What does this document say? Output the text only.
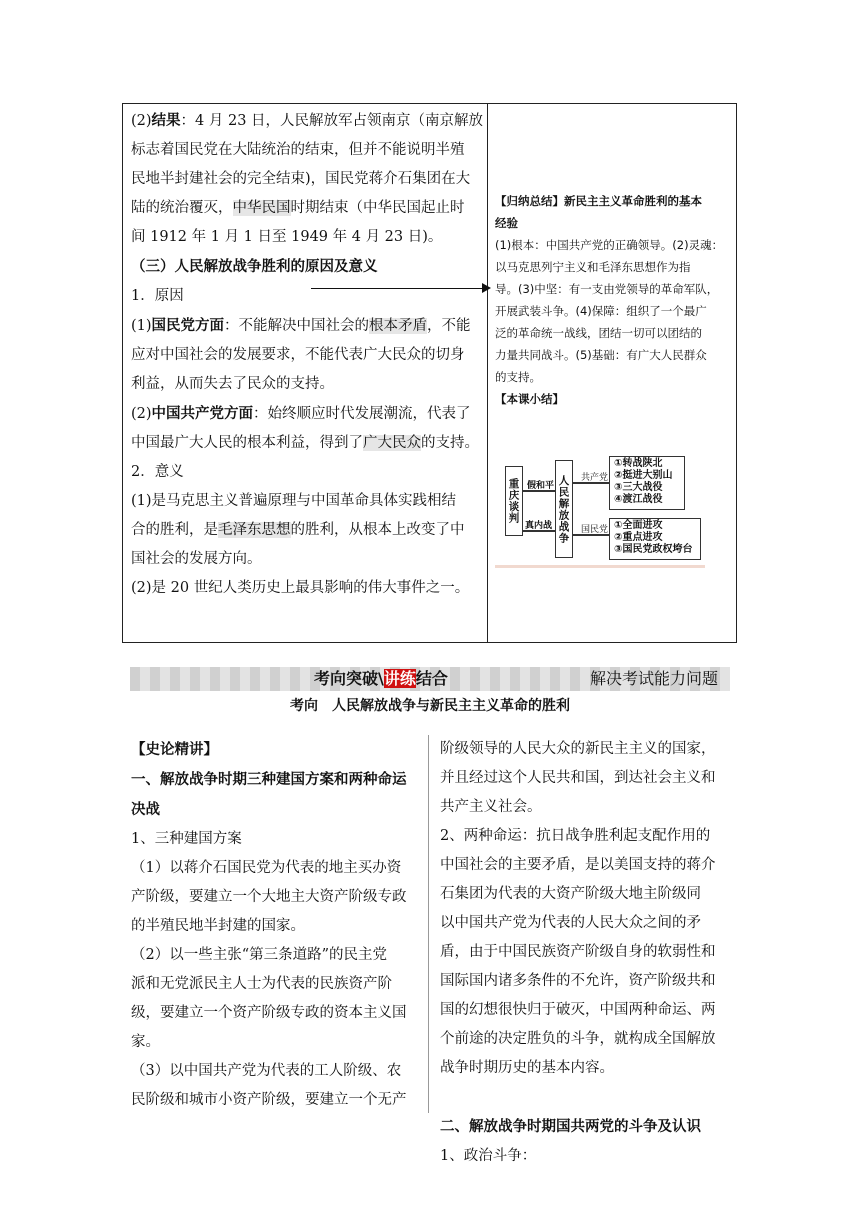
(2)结果：4 月 23 日，人民解放军占领南京（南京解放
标志着国民党在大陆统治的结束，但并不能说明半殖
民地半封建社会的完全结束)，国民党蒋介石集团在大
陆的统治覆灭，中华民国时期结束（中华民国起止时
间 1912 年 1 月 1 日至 1949 年 4 月 23 日)。
（三）人民解放战争胜利的原因及意义
1．原因
(1)国民党方面：不能解决中国社会的根本矛盾，不能
应对中国社会的发展要求，不能代表广大民众的切身
利益，从而失去了民众的支持。
(2)中国共产党方面：始终顺应时代发展潮流，代表了
中国最广大人民的根本利益，得到了广大民众的支持。
2．意义
(1)是马克思主义普遍原理与中国革命具体实践相结
合的胜利，是毛泽东思想的胜利，从根本上改变了中
国社会的发展方向。
(2)是 20 世纪人类历史上最具影响的伟大事件之一。
【归纳总结】新民主主义革命胜利的基本
经验
(1)根本：中国共产党的正确领导。(2)灵魂：
以马克思列宁主义和毛泽东思想作为指
导。(3)中坚：有一支由党领导的革命军队，
开展武装斗争。(4)保障：组织了一个最广
泛的革命统一战线，团结一切可以团结的
力量共同战斗。(5)基础：有广大人民群众
的支持。
【本课小结】
重庆谈判 假和平
真内战 人民解放战争	共产党
国民党
①转战陕北
②挺进大别山
③三大战役
④渡江战役
①全面进攻
②重点进攻
③国民党政权垮台
考向突破\讲练结合	解决考试能力问题
考向　人民解放战争与新民主主义革命的胜利
【史论精讲】
一、解放战争时期三种建国方案和两种命运
决战
1、三种建国方案
（1）以蒋介石国民党为代表的地主买办资
产阶级，要建立一个大地主大资产阶级专政
的半殖民地半封建的国家。
（2）以一些主张“第三条道路”的民主党
派和无党派民主人士为代表的民族资产阶
级，要建立一个资产阶级专政的资本主义国
家。
（3）以中国共产党为代表的工人阶级、农
民阶级和城市小资产阶级，要建立一个无产
阶级领导的人民大众的新民主主义的国家，
并且经过这个人民共和国，到达社会主义和
共产主义社会。
2、两种命运：抗日战争胜利起支配作用的
中国社会的主要矛盾，是以美国支持的蒋介
石集团为代表的大资产阶级大地主阶级同
以中国共产党为代表的人民大众之间的矛
盾，由于中国民族资产阶级自身的软弱性和
国际国内诸多条件的不允许，资产阶级共和
国的幻想很快归于破灭，中国两种命运、两
个前途的决定胜负的斗争，就构成全国解放
战争时期历史的基本内容。

二、解放战争时期国共两党的斗争及认识
1、政治斗争：
